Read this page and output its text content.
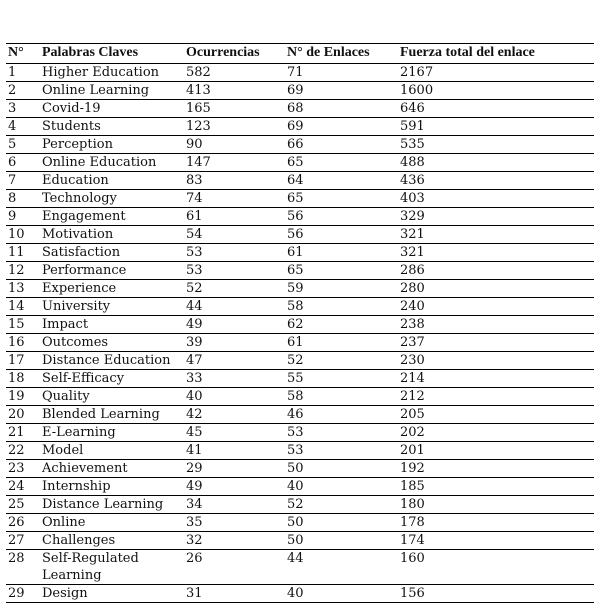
N°	Palabras Claves	Ocurrencias	N° de Enlaces	Fuerza total del enlace
1	Higher Education	582	71	2167
2	Online Learning	413	69	1600
3	Covid-19	165	68	646
4	Students	123	69	591
5	Perception	90	66	535
6	Online Education	147	65	488
7	Education	83	64	436
8	Technology	74	65	403
9	Engagement	61	56	329
10	Motivation	54	56	321
11	Satisfaction	53	61	321
12	Performance	53	65	286
13	Experience	52	59	280
14	University	44	58	240
15	Impact	49	62	238
16	Outcomes	39	61	237
17	Distance Education	47	52	230
18	Self-Efficacy	33	55	214
19	Quality	40	58	212
20	Blended Learning	42	46	205
21	E-Learning	45	53	202
22	Model	41	53	201
23	Achievement	29	50	192
24	Internship	49	40	185
25	Distance Learning	34	52	180
26	Online	35	50	178
27	Challenges	32	50	174
28	Self-Regulated Learning	26	44	160
29	Design	31	40	156
